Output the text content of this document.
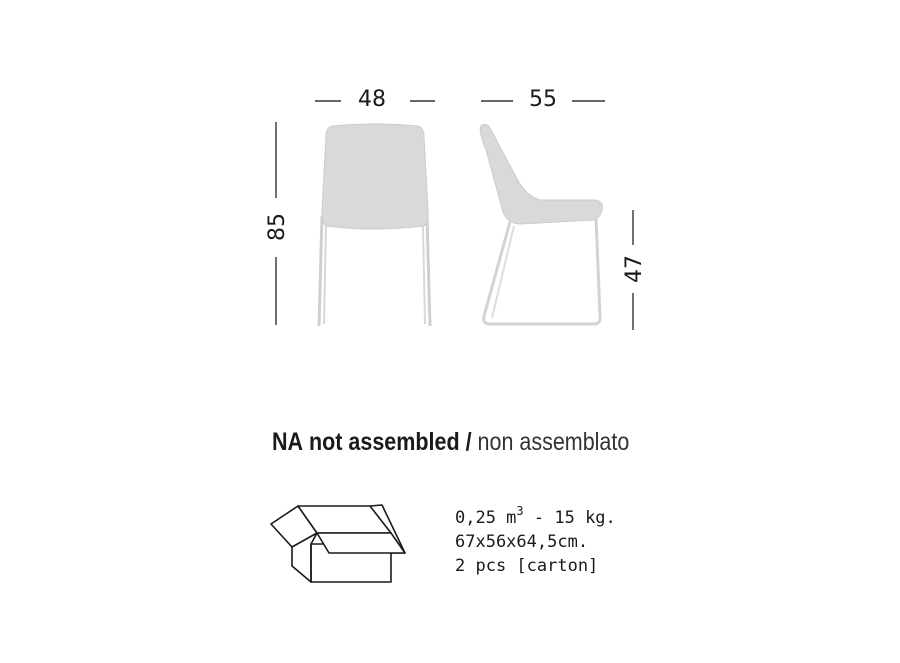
48	55
85
47
NA not assembled / non assemblato
0,25 $m^3 - 15$ kg.
67x56x64,5cm.
2 pcs [carton]
